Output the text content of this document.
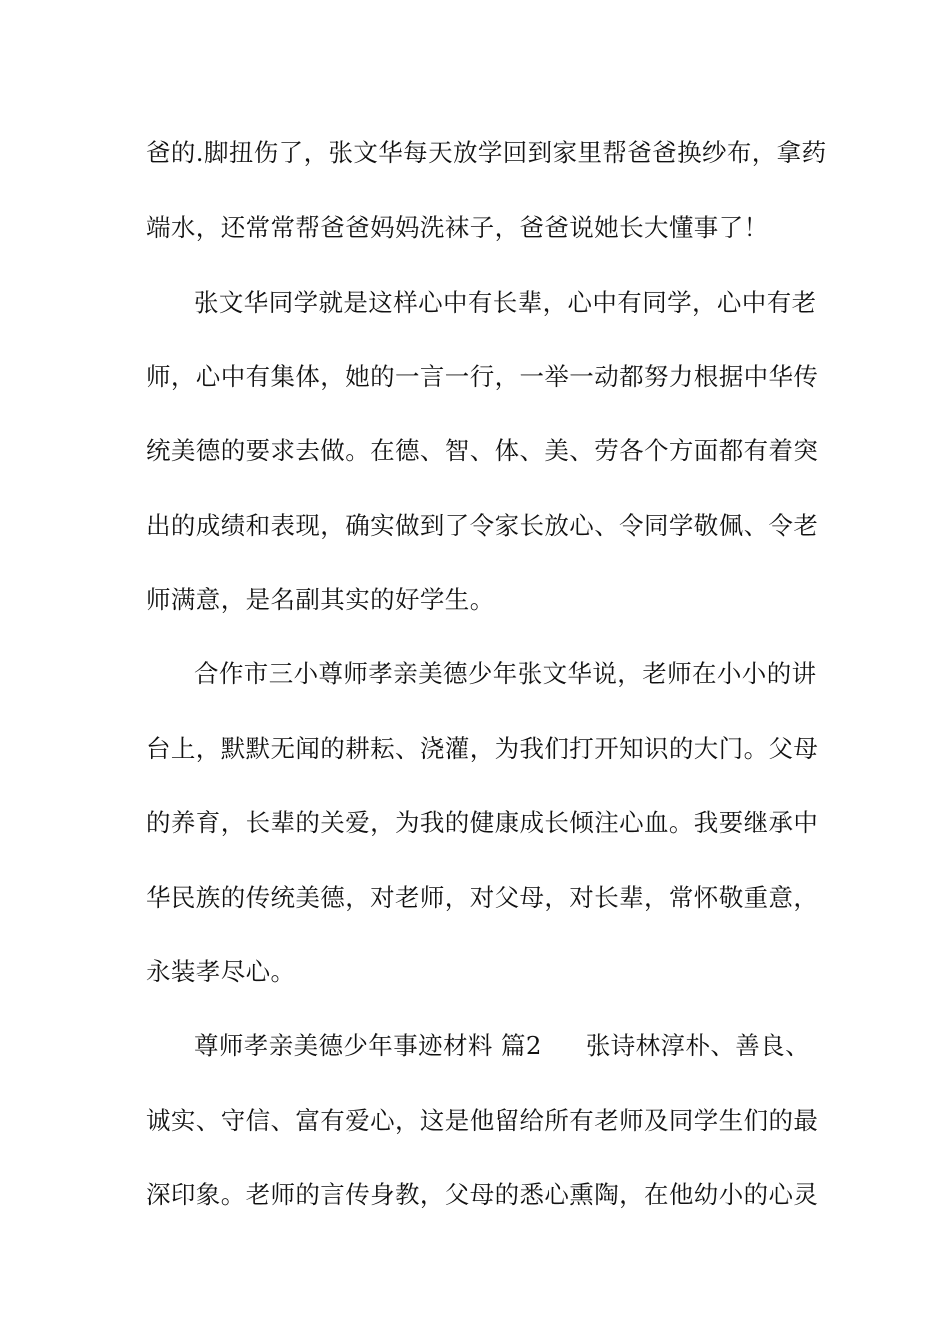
爸的.脚扭伤了，张文华每天放学回到家里帮爸爸换纱布，拿药
端水，还常常帮爸爸妈妈洗袜子，爸爸说她长大懂事了！
张文华同学就是这样心中有长辈，心中有同学，心中有老
师，心中有集体，她的一言一行，一举一动都努力根据中华传
统美德的要求去做。在德、智、体、美、劳各个方面都有着突
出的成绩和表现，确实做到了令家长放心、令同学敬佩、令老
师满意，是名副其实的好学生。
合作市三小尊师孝亲美德少年张文华说，老师在小小的讲
台上，默默无闻的耕耘、浇灌，为我们打开知识的大门。父母
的养育，长辈的关爱，为我的健康成长倾注心血。我要继承中
华民族的传统美德，对老师，对父母，对长辈，常怀敬重意，
永装孝尽心。
尊师孝亲美德少年事迹材料 篇2 张诗林淳朴、善良、
诚实、守信、富有爱心，这是他留给所有老师及同学生们的最
深印象。老师的言传身教，父母的悉心熏陶，在他幼小的心灵
